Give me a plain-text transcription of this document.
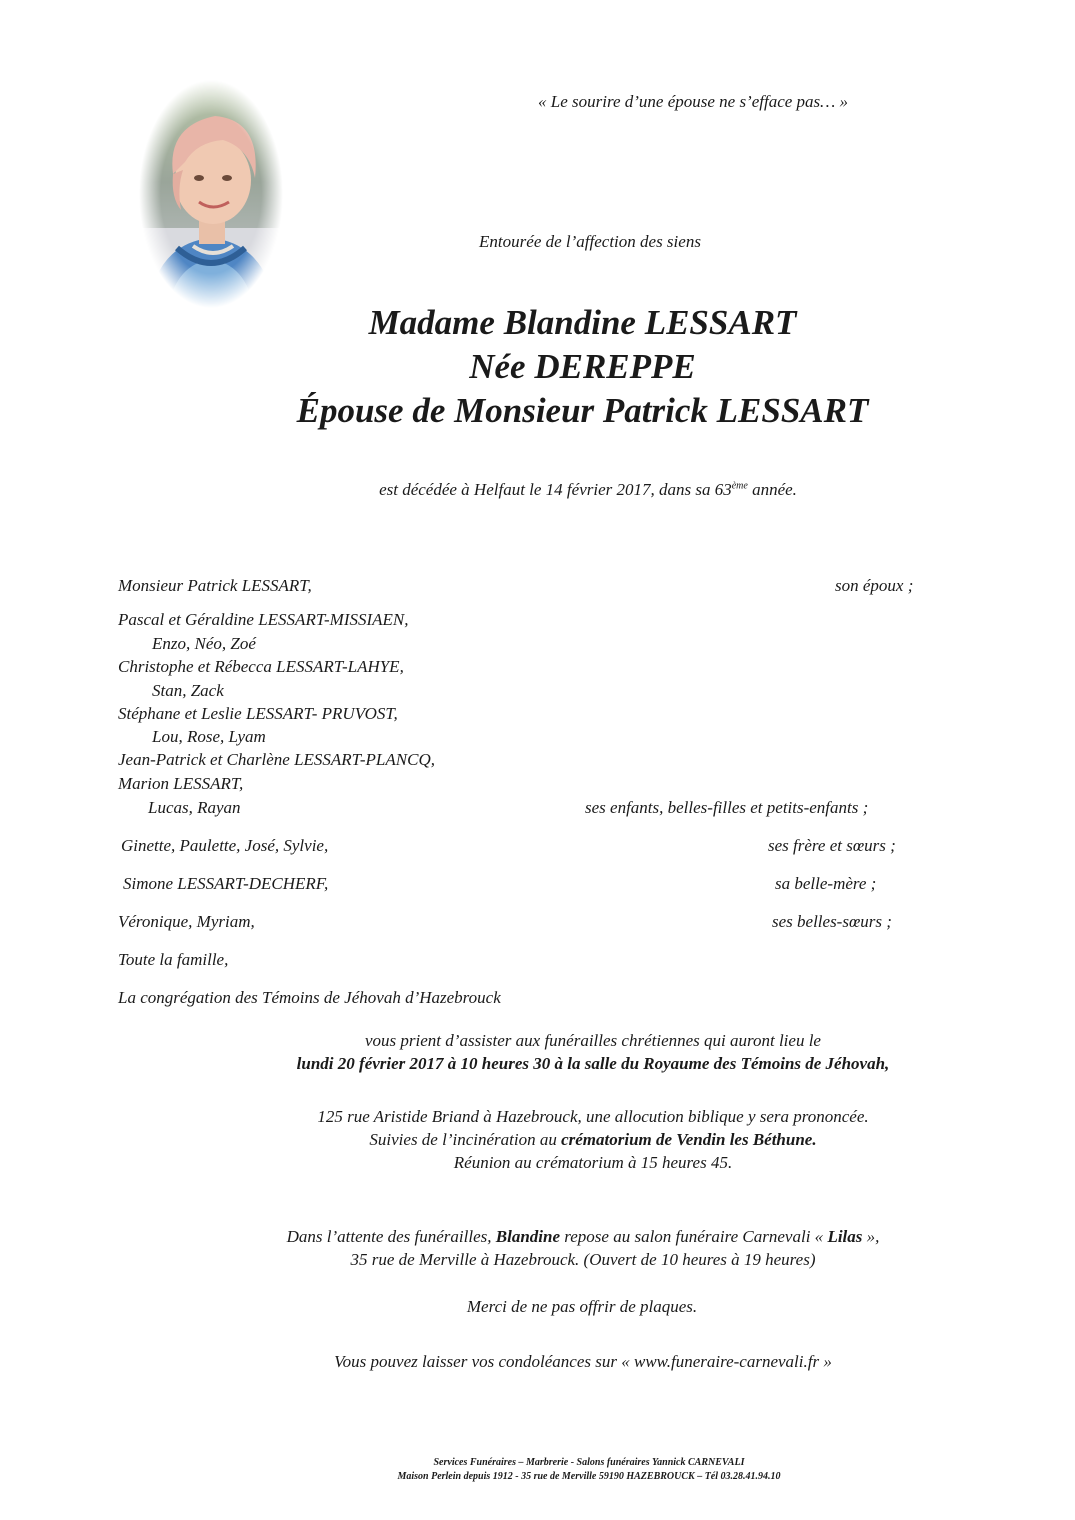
« Le sourire d’une épouse ne s’efface pas… »
Entourée de l’affection des siens
Madame Blandine LESSART
Née DEREPPE
Épouse de Monsieur Patrick LESSART
est décédée à Helfaut le 14 février 2017, dans sa 63ème année.
Monsieur Patrick LESSART,	son époux ;
Pascal et Géraldine LESSART-MISSIAEN,
Enzo, Néo, Zoé
Christophe et Rébecca LESSART-LAHYE,
Stan, Zack
Stéphane et Leslie LESSART- PRUVOST,
Lou, Rose, Lyam
Jean-Patrick et Charlène LESSART-PLANCQ,
Marion LESSART,
Lucas, Rayan	ses enfants, belles-filles et petits-enfants ;
Ginette, Paulette, José, Sylvie,	ses frère et sœurs ;
Simone LESSART-DECHERF,	sa belle-mère ;
Véronique, Myriam,	ses belles-sœurs ;
Toute la famille,
La congrégation des Témoins de Jéhovah d’Hazebrouck
vous prient d’assister aux funérailles chrétiennes qui auront lieu le
lundi 20 février 2017 à 10 heures 30 à la salle du Royaume des Témoins de Jéhovah,
125 rue Aristide Briand à Hazebrouck, une allocution biblique y sera prononcée.
Suivies de l’incinération au crématorium de Vendin les Béthune.
Réunion au crématorium à 15 heures 45.
Dans l’attente des funérailles, Blandine repose au salon funéraire Carnevali « Lilas »,
35 rue de Merville à Hazebrouck. (Ouvert de 10 heures à 19 heures)
Merci de ne pas offrir de plaques.
Vous pouvez laisser vos condoléances sur « www.funeraire-carnevali.fr »
Services Funéraires – Marbrerie - Salons funéraires Yannick CARNEVALI
Maison Perlein depuis 1912 - 35 rue de Merville 59190 HAZEBROUCK – Tél 03.28.41.94.10
